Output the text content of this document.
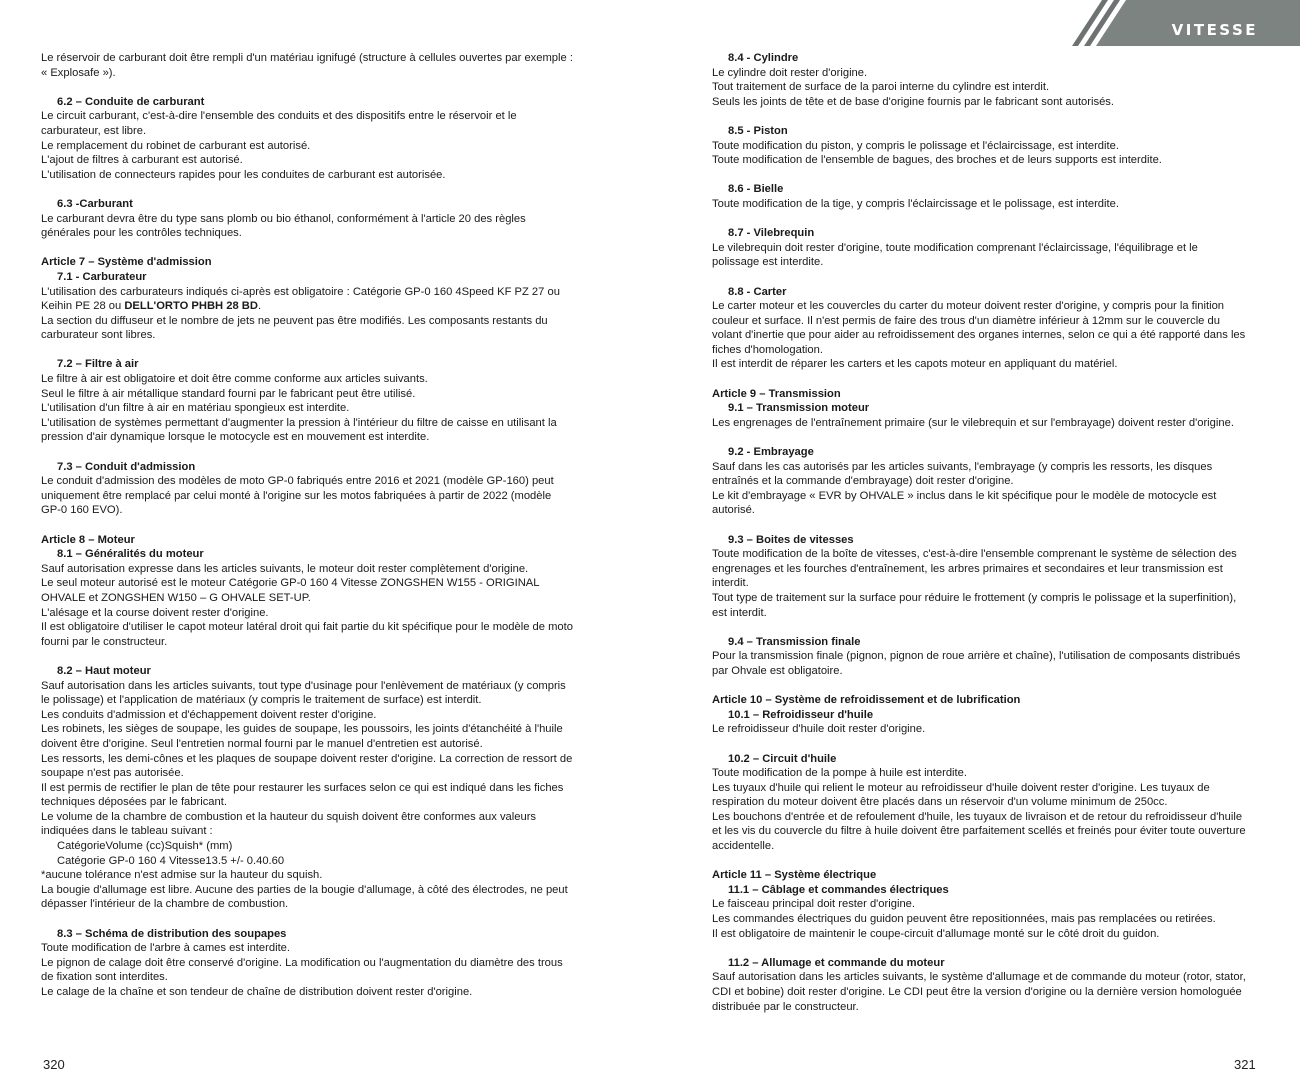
Le réservoir de carburant doit être rempli d'un matériau ignifugé (structure à cellules ouvertes par exemple :
« Explosafe »).
6.2 – Conduite de carburant
Le circuit carburant, c'est-à-dire l'ensemble des conduits et des dispositifs entre le réservoir et le
carburateur, est libre.
Le remplacement du robinet de carburant est autorisé.
L'ajout de filtres à carburant est autorisé.
L'utilisation de connecteurs rapides pour les conduites de carburant est autorisée.
6.3 -Carburant
Le carburant devra être du type sans plomb ou bio éthanol, conformément à l'article 20 des règles
générales pour les contrôles techniques.
Article 7 – Système d'admission
7.1 - Carburateur
L'utilisation des carburateurs indiqués ci-après est obligatoire : Catégorie GP-0 160 4Speed KF PZ 27 ou
Keihin PE 28 ou DELL'ORTO PHBH 28 BD.
La section du diffuseur et le nombre de jets ne peuvent pas être modifiés. Les composants restants du
carburateur sont libres.
7.2 – Filtre à air
Le filtre à air est obligatoire et doit être comme conforme aux articles suivants.
Seul le filtre à air métallique standard fourni par le fabricant peut être utilisé.
L'utilisation d'un filtre à air en matériau spongieux est interdite.
L'utilisation de systèmes permettant d'augmenter la pression à l'intérieur du filtre de caisse en utilisant la
pression d'air dynamique lorsque le motocycle est en mouvement est interdite.
7.3 – Conduit d'admission
Le conduit d'admission des modèles de moto GP-0 fabriqués entre 2016 et 2021 (modèle GP-160) peut
uniquement être remplacé par celui monté à l'origine sur les motos fabriquées à partir de 2022 (modèle
GP-0 160 EVO).
Article 8 – Moteur
8.1 – Généralités du moteur
Sauf autorisation expresse dans les articles suivants, le moteur doit rester complètement d'origine.
Le seul moteur autorisé est le moteur Catégorie GP-0 160 4 Vitesse ZONGSHEN W155 - ORIGINAL
OHVALE et ZONGSHEN W150 – G OHVALE SET-UP.
L'alésage et la course doivent rester d'origine.
Il est obligatoire d'utiliser le capot moteur latéral droit qui fait partie du kit spécifique pour le modèle de moto
fourni par le constructeur.
8.2 – Haut moteur
Sauf autorisation dans les articles suivants, tout type d'usinage pour l'enlèvement de matériaux (y compris
le polissage) et l'application de matériaux (y compris le traitement de surface) est interdit.
Les conduits d'admission et d'échappement doivent rester d'origine.
Les robinets, les sièges de soupape, les guides de soupape, les poussoirs, les joints d'étanchéité à l'huile
doivent être d'origine. Seul l'entretien normal fourni par le manuel d'entretien est autorisé.
Les ressorts, les demi-cônes et les plaques de soupape doivent rester d'origine. La correction de ressort de
soupape n'est pas autorisée.
Il est permis de rectifier le plan de tête pour restaurer les surfaces selon ce qui est indiqué dans les fiches
techniques déposées par le fabricant.
Le volume de la chambre de combustion et la hauteur du squish doivent être conformes aux valeurs
indiquées dans le tableau suivant :
CatégorieVolume (cc)Squish* (mm)
Catégorie GP-0 160 4 Vitesse13.5 +/- 0.40.60
*aucune tolérance n'est admise sur la hauteur du squish.
La bougie d'allumage est libre. Aucune des parties de la bougie d'allumage, à côté des électrodes, ne peut
dépasser l'intérieur de la chambre de combustion.
8.3 – Schéma de distribution des soupapes
Toute modification de l'arbre à cames est interdite.
Le pignon de calage doit être conservé d'origine. La modification ou l'augmentation du diamètre des trous
de fixation sont interdites.
Le calage de la chaîne et son tendeur de chaîne de distribution doivent rester d'origine.
320
VITESSE
8.4 - Cylindre
Le cylindre doit rester d'origine.
Tout traitement de surface de la paroi interne du cylindre est interdit.
Seuls les joints de tête et de base d'origine fournis par le fabricant sont autorisés.
8.5 - Piston
Toute modification du piston, y compris le polissage et l'éclaircissage, est interdite.
Toute modification de l'ensemble de bagues, des broches et de leurs supports est interdite.
8.6 - Bielle
Toute modification de la tige, y compris l'éclaircissage et le polissage, est interdite.
8.7 - Vilebrequin
Le vilebrequin doit rester d'origine, toute modification comprenant l'éclaircissage, l'équilibrage et le
polissage est interdite.
8.8 - Carter
Le carter moteur et les couvercles du carter du moteur doivent rester d'origine, y compris pour la finition
couleur et surface. Il n'est permis de faire des trous d'un diamètre inférieur à 12mm sur le couvercle du
volant d'inertie que pour aider au refroidissement des organes internes, selon ce qui a été rapporté dans les
fiches d'homologation.
Il est interdit de réparer les carters et les capots moteur en appliquant du matériel.
Article 9 – Transmission
9.1 – Transmission moteur
Les engrenages de l'entraînement primaire (sur le vilebrequin et sur l'embrayage) doivent rester d'origine.
9.2 - Embrayage
Sauf dans les cas autorisés par les articles suivants, l'embrayage (y compris les ressorts, les disques
entraînés et la commande d'embrayage) doit rester d'origine.
Le kit d'embrayage « EVR by OHVALE » inclus dans le kit spécifique pour le modèle de motocycle est
autorisé.
9.3 – Boites de vitesses
Toute modification de la boîte de vitesses, c'est-à-dire l'ensemble comprenant le système de sélection des
engrenages et les fourches d'entraînement, les arbres primaires et secondaires et leur transmission est
interdit.
Tout type de traitement sur la surface pour réduire le frottement (y compris le polissage et la superfinition),
est interdit.
9.4 – Transmission finale
Pour la transmission finale (pignon, pignon de roue arrière et chaîne), l'utilisation de composants distribués
par Ohvale est obligatoire.
Article 10 – Système de refroidissement et de lubrification
10.1 – Refroidisseur d'huile
Le refroidisseur d'huile doit rester d'origine.
10.2 – Circuit d'huile
Toute modification de la pompe à huile est interdite.
Les tuyaux d'huile qui relient le moteur au refroidisseur d'huile doivent rester d'origine. Les tuyaux de
respiration du moteur doivent être placés dans un réservoir d'un volume minimum de 250cc.
Les bouchons d'entrée et de refoulement d'huile, les tuyaux de livraison et de retour du refroidisseur d'huile
et les vis du couvercle du filtre à huile doivent être parfaitement scellés et freinés pour éviter toute ouverture
accidentelle.
Article 11 – Système électrique
11.1 – Câblage et commandes électriques
Le faisceau principal doit rester d'origine.
Les commandes électriques du guidon peuvent être repositionnées, mais pas remplacées ou retirées.
Il est obligatoire de maintenir le coupe-circuit d'allumage monté sur le côté droit du guidon.
11.2 – Allumage et commande du moteur
Sauf autorisation dans les articles suivants, le système d'allumage et de commande du moteur (rotor, stator,
CDI et bobine) doit rester d'origine. Le CDI peut être la version d'origine ou la dernière version homologuée
distribuée par le constructeur.
321
